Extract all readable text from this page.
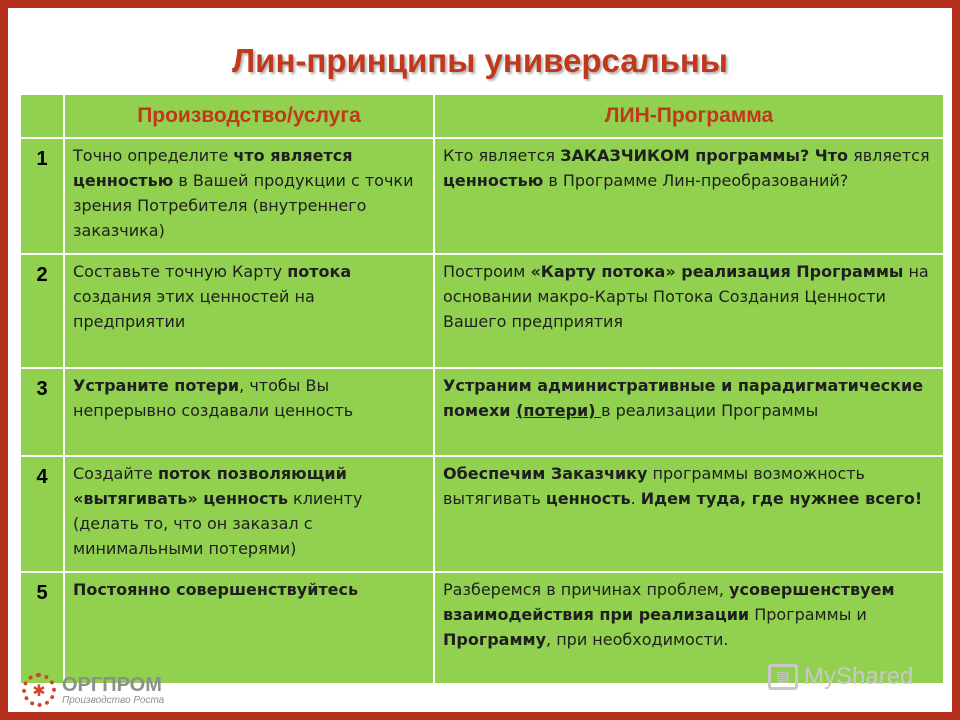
Лин-принципы универсальны
	Производство/услуга	ЛИН-Программа
1	Точно определите что является ценностью в Вашей продукции с точки зрения Потребителя (внутреннего заказчика)	Кто является ЗАКАЗЧИКОМ программы? Что является ценностью в Программе Лин-преобразований?
2	Составьте точную Карту потока создания этих ценностей на предприятии	Построим «Карту потока» реализация Программы на основании макро-Карты Потока Создания Ценности Вашего предприятия
3	Устраните потери, чтобы Вы непрерывно создавали ценность	Устраним административные и парадигматические помехи (потери) в реализации Программы
4	Создайте поток позволяющий «вытягивать» ценность клиенту (делать то, что он заказал с минимальными потерями)	Обеспечим Заказчику программы возможность вытягивать ценность. Идем туда, где нужнее всего!
5	Постоянно совершенствуйтесь	Разберемся в причинах проблем, усовершенствуем взаимодействия при реализации Программы и Программу, при необходимости.
✱ ОРГПРОМ
Производство Роста
▤ MyShared
